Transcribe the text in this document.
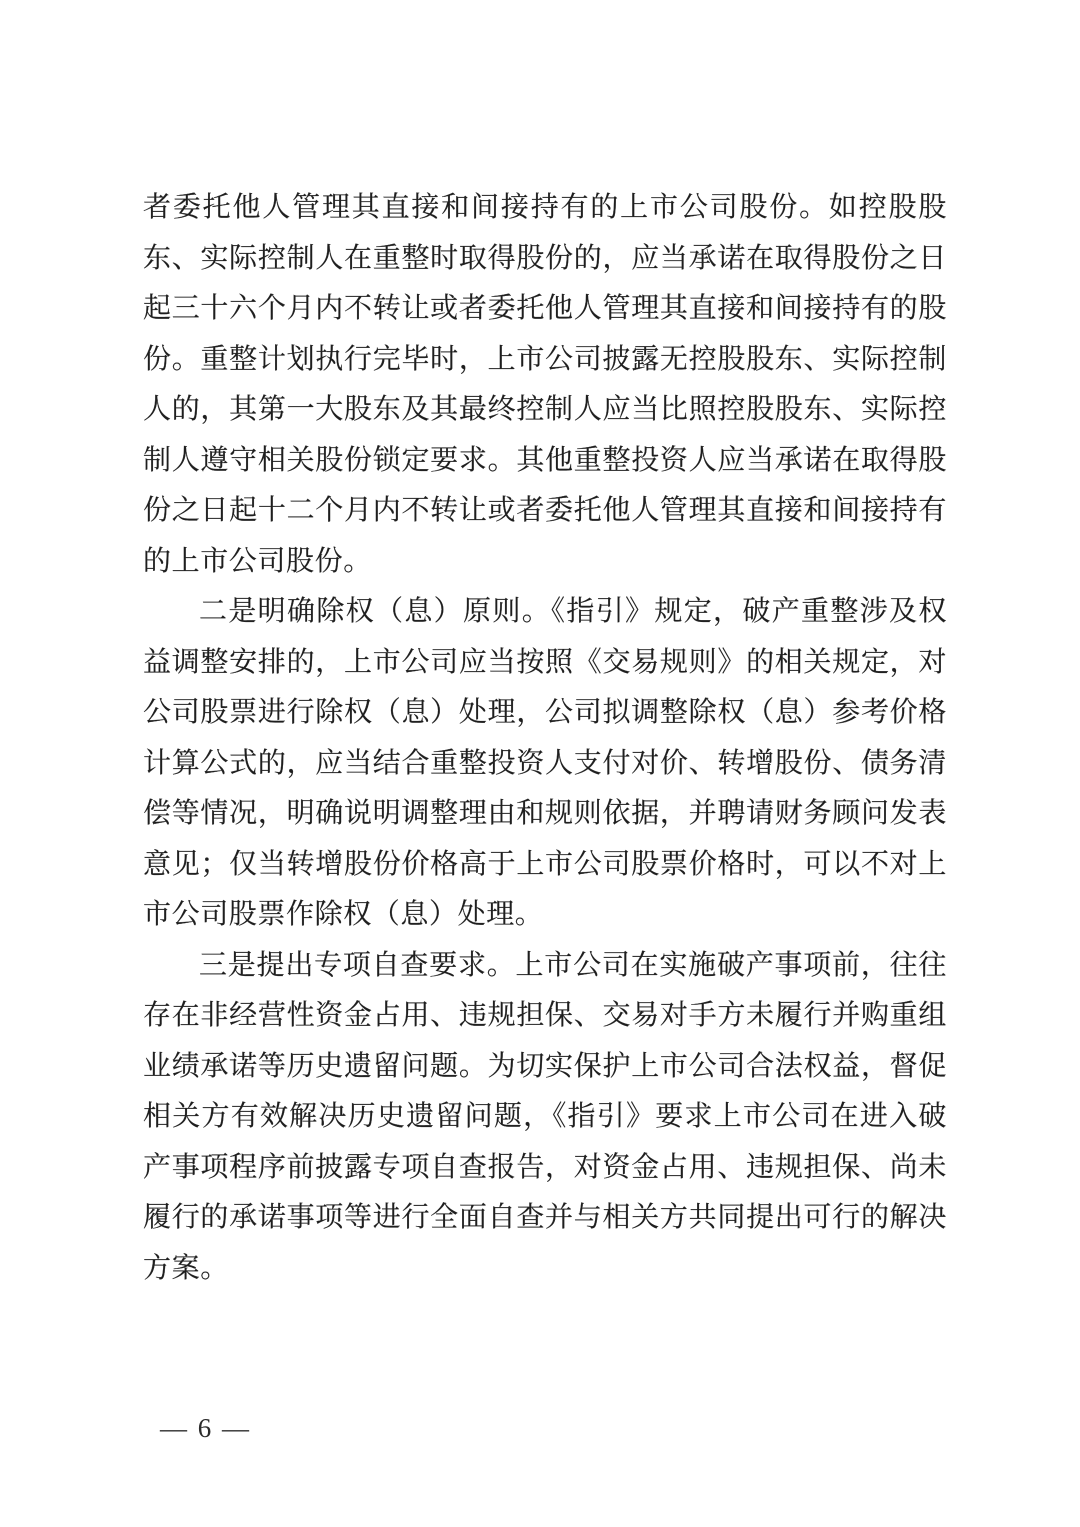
者委托他人管理其直接和间接持有的上市公司股份。如控股股东、实际控制人在重整时取得股份的，应当承诺在取得股份之日起三十六个月内不转让或者委托他人管理其直接和间接持有的股份。重整计划执行完毕时，上市公司披露无控股股东、实际控制人的，其第一大股东及其最终控制人应当比照控股股东、实际控制人遵守相关股份锁定要求。其他重整投资人应当承诺在取得股份之日起十二个月内不转让或者委托他人管理其直接和间接持有的上市公司股份。

二是明确除权（息）原则。《指引》规定，破产重整涉及权益调整安排的，上市公司应当按照《交易规则》的相关规定，对公司股票进行除权（息）处理，公司拟调整除权（息）参考价格计算公式的，应当结合重整投资人支付对价、转增股份、债务清偿等情况，明确说明调整理由和规则依据，并聘请财务顾问发表意见；仅当转增股份价格高于上市公司股票价格时，可以不对上市公司股票作除权（息）处理。

三是提出专项自查要求。上市公司在实施破产事项前，往往存在非经营性资金占用、违规担保、交易对手方未履行并购重组业绩承诺等历史遗留问题。为切实保护上市公司合法权益，督促相关方有效解决历史遗留问题，《指引》要求上市公司在进入破产事项程序前披露专项自查报告，对资金占用、违规担保、尚未履行的承诺事项等进行全面自查并与相关方共同提出可行的解决方案。

— 6 —
